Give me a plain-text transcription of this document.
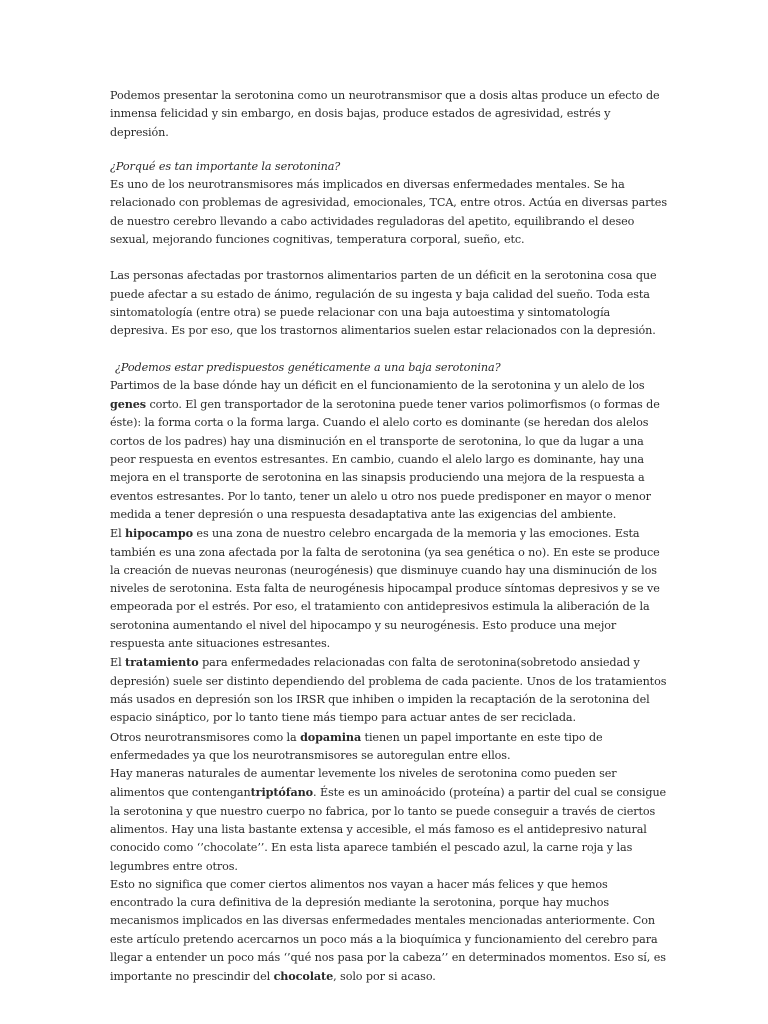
Podemos presentar la serotonina como un neurotransmisor que a dosis altas produce un efecto de inmensa felicidad y sin embargo, en dosis bajas, produce estados de agresividad, estrés y depresión.

¿Porqué es tan importante la serotonina?

Es uno de los neurotransmisores más implicados en diversas enfermedades mentales. Se ha relacionado con problemas de agresividad, emocionales, TCA, entre otros. Actúa en diversas partes de nuestro cerebro llevando a cabo actividades reguladoras del apetito, equilibrando el deseo sexual, mejorando funciones cognitivas, temperatura corporal, sueño, etc.

Las personas afectadas por trastornos alimentarios parten de un déficit en la serotonina cosa que puede afectar a su estado de ánimo, regulación de su ingesta y baja calidad del sueño. Toda esta sintomatología (entre otra) se puede relacionar con una baja autoestima y sintomatología depresiva. Es por eso, que los trastornos alimentarios suelen estar relacionados con la depresión.

¿Podemos estar predispuestos genéticamente a una baja serotonina?

Partimos de la base dónde hay un déficit en el funcionamiento de la serotonina y un alelo de los genes corto. El gen transportador de la serotonina puede tener varios polimorfismos (o formas de éste): la forma corta o la forma larga. Cuando el alelo corto es dominante (se heredan dos alelos cortos de los padres) hay una disminución en el transporte de serotonina, lo que da lugar a una peor respuesta en eventos estresantes. En cambio, cuando el alelo largo es dominante, hay una mejora en el transporte de serotonina en las sinapsis produciendo una mejora de la respuesta a eventos estresantes. Por lo tanto, tener un alelo u otro nos puede predisponer en mayor o menor medida a tener depresión o una respuesta desadaptativa ante las exigencias del ambiente.

El hipocampo es una zona de nuestro celebro encargada de la memoria y las emociones. Esta también es una zona afectada por la falta de serotonina (ya sea genética o no). En este se produce la creación de nuevas neuronas (neurogénesis) que disminuye cuando hay una disminución de los niveles de serotonina. Esta falta de neurogénesis hipocampal produce síntomas depresivos y se ve empeorada por el estrés. Por eso, el tratamiento con antidepresivos estimula la aliberación de la serotonina aumentando el nivel del hipocampo y su neurogénesis. Esto produce una mejor respuesta ante situaciones estresantes.

El tratamiento para enfermedades relacionadas con falta de serotonina(sobretodo ansiedad y depresión) suele ser distinto dependiendo del problema de cada paciente. Unos de los tratamientos más usados en depresión son los IRSR que inhiben o impiden la recaptación de la serotonina del espacio sináptico, por lo tanto tiene más tiempo para actuar antes de ser reciclada.

Otros neurotransmisores como la dopamina tienen un papel importante en este tipo de enfermedades ya que los neurotransmisores se autoregulan entre ellos.

Hay maneras naturales de aumentar levemente los niveles de serotonina como pueden ser alimentos que contengantriptófano. Éste es un aminoácido (proteína) a partir del cual se consigue la serotonina y que nuestro cuerpo no fabrica, por lo tanto se puede conseguir a través de ciertos alimentos. Hay una lista bastante extensa y accesible, el más famoso es el antidepresivo natural conocido como ‘’chocolate’’. En esta lista aparece también el pescado azul, la carne roja y las legumbres entre otros.

Esto no significa que comer ciertos alimentos nos vayan a hacer más felices y que hemos encontrado la cura definitiva de la depresión mediante la serotonina, porque hay muchos mecanismos implicados en las diversas enfermedades mentales mencionadas anteriormente. Con este artículo pretendo acercarnos un poco más a la bioquímica y funcionamiento del cerebro para llegar a entender un poco más ‘’qué nos pasa por la cabeza’’ en determinados momentos. Eso sí, es importante no prescindir del chocolate, solo por si acaso.
